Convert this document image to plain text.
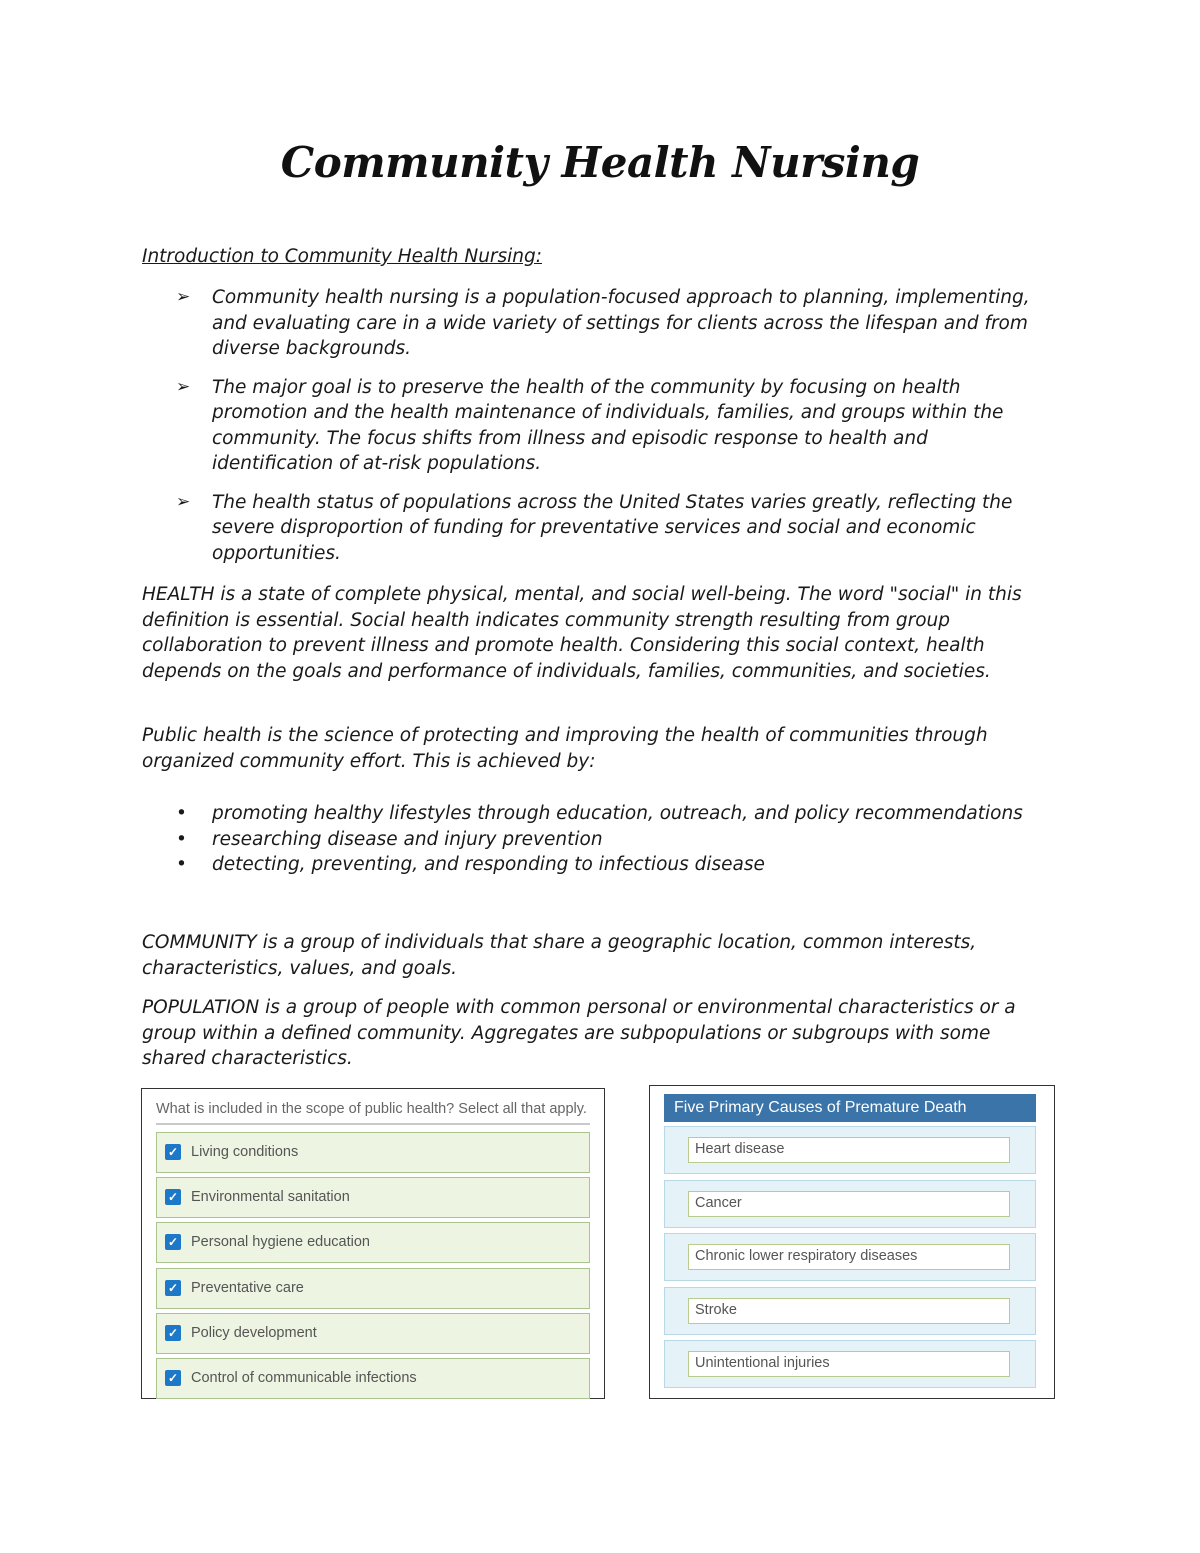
Community Health Nursing
Introduction to Community Health Nursing:
➢ Community health nursing is a population-focused approach to planning, implementing, and evaluating care in a wide variety of settings for clients across the lifespan and from diverse backgrounds.
➢ The major goal is to preserve the health of the community by focusing on health promotion and the health maintenance of individuals, families, and groups within the community. The focus shifts from illness and episodic response to health and identification of at-risk populations.
➢ The health status of populations across the United States varies greatly, reflecting the severe disproportion of funding for preventative services and social and economic opportunities.

HEALTH is a state of complete physical, mental, and social well-being. The word "social" in this definition is essential. Social health indicates community strength resulting from group collaboration to prevent illness and promote health. Considering this social context, health depends on the goals and performance of individuals, families, communities, and societies.

Public health is the science of protecting and improving the health of communities through organized community effort. This is achieved by:

• promoting healthy lifestyles through education, outreach, and policy recommendations
• researching disease and injury prevention
• detecting, preventing, and responding to infectious disease

COMMUNITY is a group of individuals that share a geographic location, common interests, characteristics, values, and goals.

POPULATION is a group of people with common personal or environmental characteristics or a group within a defined community. Aggregates are subpopulations or subgroups with some shared characteristics.

What is included in the scope of public health? Select all that apply.
✓ Living conditions
✓ Environmental sanitation
✓ Personal hygiene education
✓ Preventative care
✓ Policy development
✓ Control of communicable infections
Five Primary Causes of Premature Death
Heart disease
Cancer
Chronic lower respiratory diseases
Stroke
Unintentional injuries
